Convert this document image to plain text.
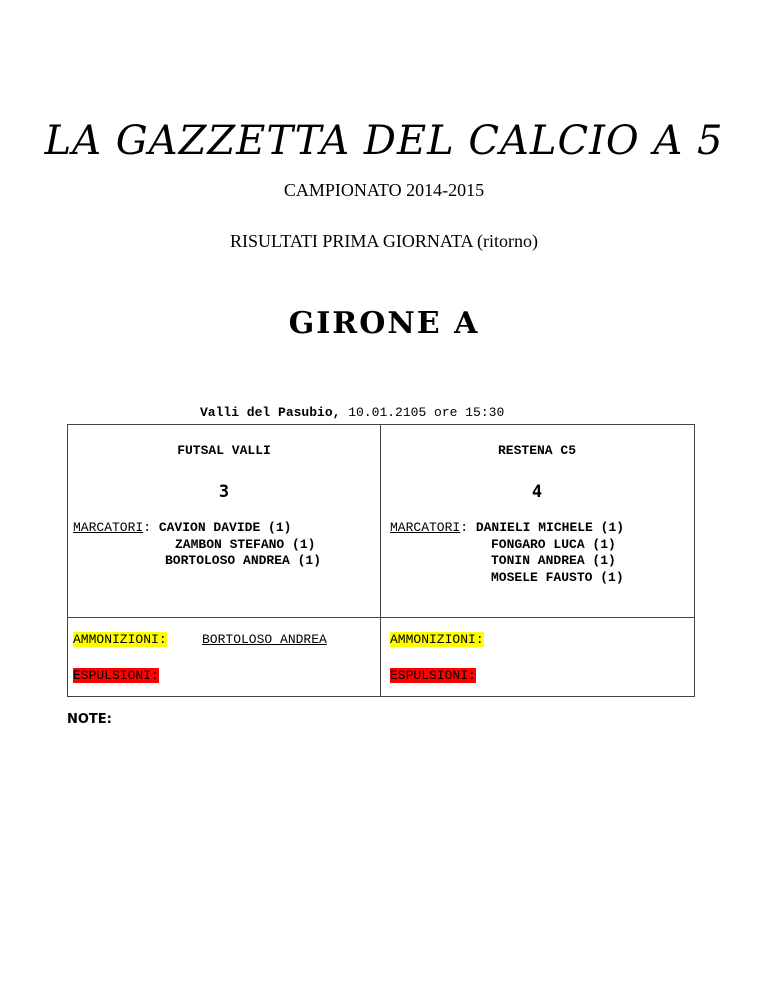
LA GAZZETTA DEL CALCIO A 5
CAMPIONATO 2014-2015
RISULTATI PRIMA GIORNATA (ritorno)
GIRONE A
Valli del Pasubio, 10.01.2105 ore 15:30
FUTSAL VALLI	RESTENA C5
3	4
MARCATORI: CAVION DAVIDE (1)
ZAMBON STEFANO (1)
BORTOLOSO ANDREA (1)
MARCATORI: DANIELI MICHELE (1)
FONGARO LUCA (1)
TONIN ANDREA (1)
MOSELE FAUSTO (1)
AMMONIZIONI:	BORTOLOSO ANDREA	AMMONIZIONI:
ESPULSIONI:	ESPULSIONI:
NOTE:
